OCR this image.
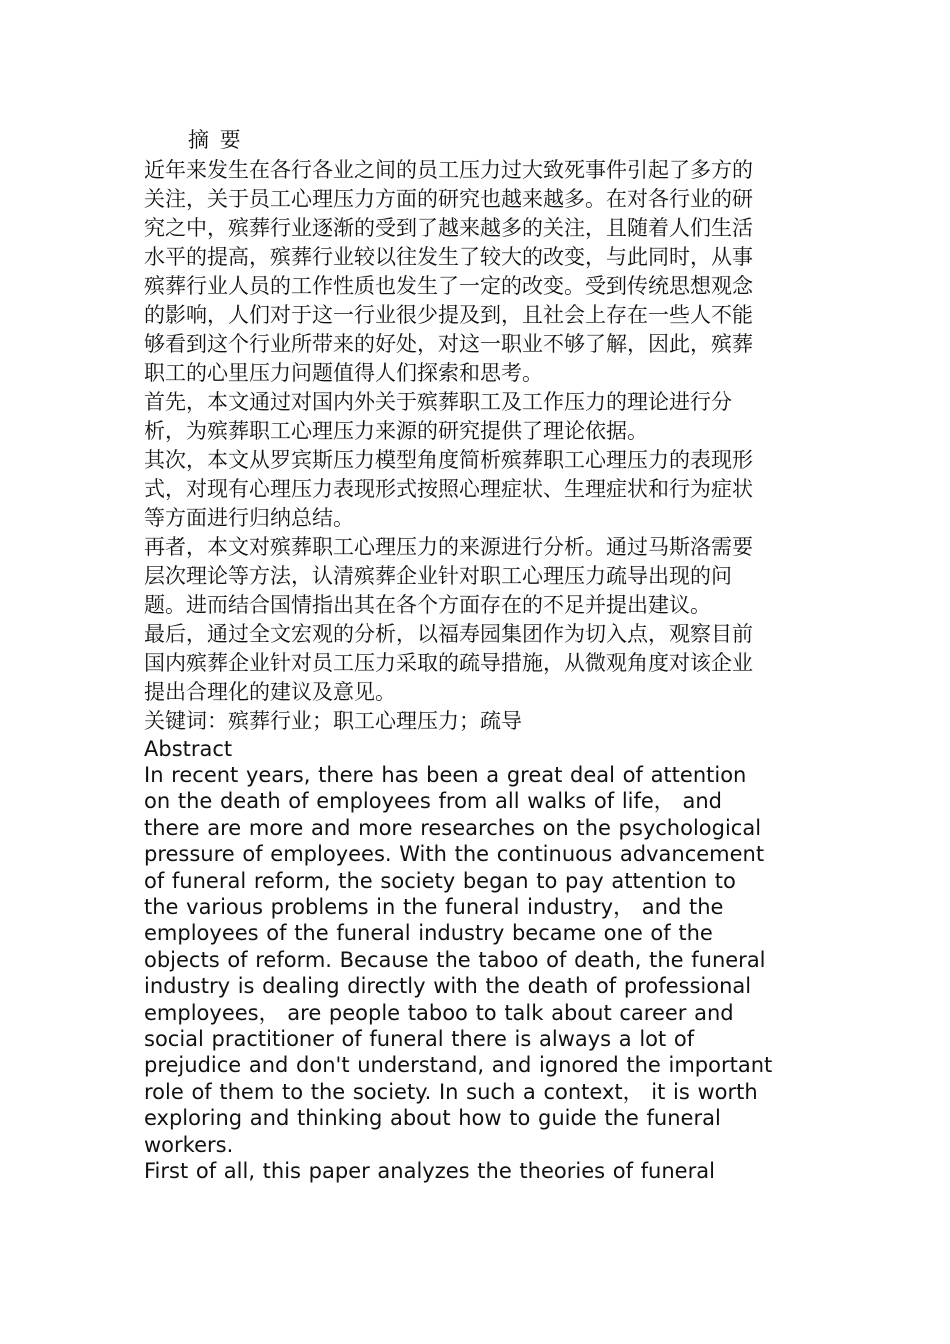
摘 要
近年来发生在各行各业之间的员工压力过大致死事件引起了多方的
关注，关于员工心理压力方面的研究也越来越多。在对各行业的研
究之中，殡葬行业逐渐的受到了越来越多的关注，且随着人们生活
水平的提高，殡葬行业较以往发生了较大的改变，与此同时，从事
殡葬行业人员的工作性质也发生了一定的改变。受到传统思想观念
的影响，人们对于这一行业很少提及到，且社会上存在一些人不能
够看到这个行业所带来的好处，对这一职业不够了解，因此，殡葬
职工的心里压力问题值得人们探索和思考。
首先，本文通过对国内外关于殡葬职工及工作压力的理论进行分
析，为殡葬职工心理压力来源的研究提供了理论依据。
其次，本文从罗宾斯压力模型角度简析殡葬职工心理压力的表现形
式，对现有心理压力表现形式按照心理症状、生理症状和行为症状
等方面进行归纳总结。
再者，本文对殡葬职工心理压力的来源进行分析。通过马斯洛需要
层次理论等方法，认清殡葬企业针对职工心理压力疏导出现的问
题。进而结合国情指出其在各个方面存在的不足并提出建议。
最后，通过全文宏观的分析，以福寿园集团作为切入点，观察目前
国内殡葬企业针对员工压力采取的疏导措施，从微观角度对该企业
提出合理化的建议及意见。
关键词：殡葬行业；职工心理压力；疏导
Abstract
In recent years, there has been a great deal of attention
on the death of employees from all walks of life， and
there are more and more researches on the psychological
pressure of employees. With the continuous advancement
of funeral reform, the society began to pay attention to
the various problems in the funeral industry， and the
employees of the funeral industry became one of the
objects of reform. Because the taboo of death, the funeral
industry is dealing directly with the death of professional
employees， are people taboo to talk about career and
social practitioner of funeral there is always a lot of
prejudice and don't understand, and ignored the important
role of them to the society. In such a context， it is worth
exploring and thinking about how to guide the funeral
workers.
First of all, this paper analyzes the theories of funeral
